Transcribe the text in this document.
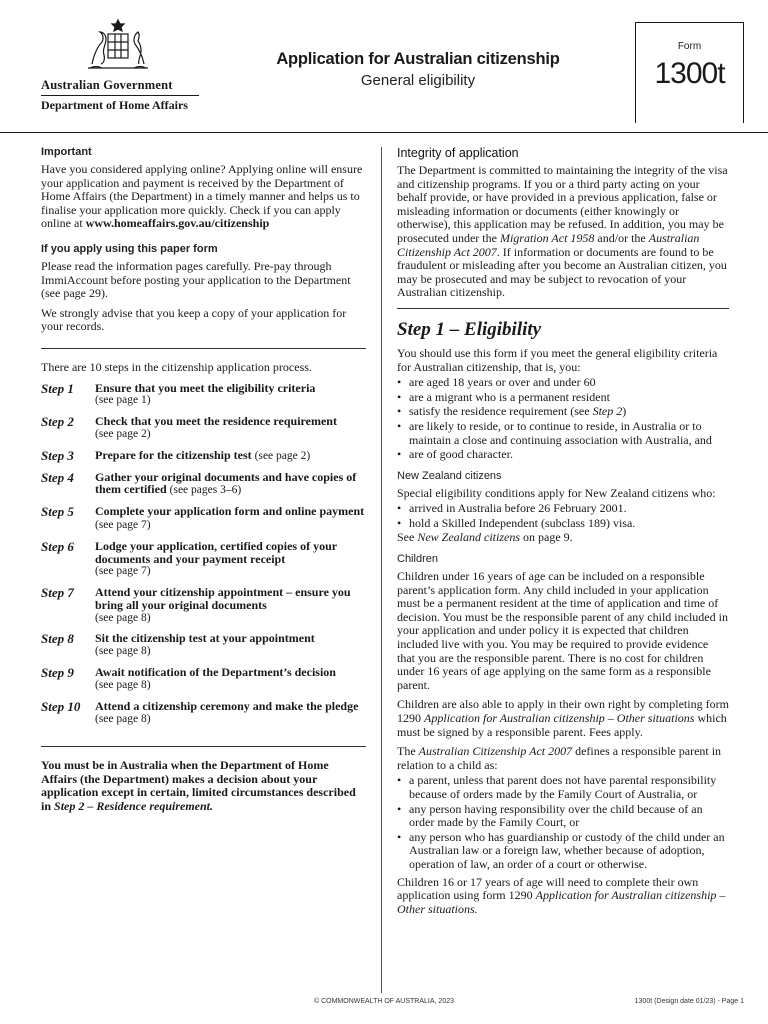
Australian Government
Department of Home Affairs
Application for Australian citizenship
General eligibility
Form
1300t
Important

Have you considered applying online? Applying online will ensure your application and payment is received by the Department of Home Affairs (the Department) in a timely manner and helps us to finalise your application more quickly. Check if you can apply online at www.homeaffairs.gov.au/citizenship

If you apply using this paper form

Please read the information pages carefully. Pre-pay through ImmiAccount before posting your application to the Department (see page 29).

We strongly advise that you keep a copy of your application for your records.

There are 10 steps in the citizenship application process.
Step 1	Ensure that you meet the eligibility criteria
(see page 1)
Step 2	Check that you meet the residence requirement
(see page 2)
Step 3	Prepare for the citizenship test (see page 2)
Step 4	Gather your original documents and have copies of them certified (see pages 3–6)
Step 5	Complete your application form and online payment (see page 7)
Step 6	Lodge your application, certified copies of your documents and your payment receipt
(see page 7)
Step 7	Attend your citizenship appointment – ensure you bring all your original documents
(see page 8)
Step 8	Sit the citizenship test at your appointment
(see page 8)
Step 9	Await notification of the Department’s decision
(see page 8)
Step 10	Attend a citizenship ceremony and make the pledge (see page 8)

You must be in Australia when the Department of Home Affairs (the Department) makes a decision about your application except in certain, limited circumstances described in Step 2 – Residence requirement.

Integrity of application

The Department is committed to maintaining the integrity of the visa and citizenship programs. If you or a third party acting on your behalf provide, or have provided in a previous application, false or misleading information or documents (either knowingly or otherwise), this application may be refused. In addition, you may be prosecuted under the Migration Act 1958 and/or the Australian Citizenship Act 2007. If information or documents are found to be fraudulent or misleading after you become an Australian citizen, you may be prosecuted and may be subject to revocation of your Australian citizenship.

Step 1 – Eligibility

You should use this form if you meet the general eligibility criteria for Australian citizenship, that is, you:

• are aged 18 years or over and under 60
• are a migrant who is a permanent resident
• satisfy the residence requirement (see Step 2)
• are likely to reside, or to continue to reside, in Australia or to maintain a close and continuing association with Australia, and
• are of good character.
New Zealand citizens

Special eligibility conditions apply for New Zealand citizens who:

• arrived in Australia before 26 February 2001.
• hold a Skilled Independent (subclass 189) visa.

See New Zealand citizens on page 9.

Children

Children under 16 years of age can be included on a responsible parent’s application form. Any child included in your application must be a permanent resident at the time of application and time of decision. You must be the responsible parent of any child included in your application and under policy it is expected that children included live with you. You may be required to provide evidence that you are the responsible parent. There is no cost for children under 16 years of age applying on the same form as a responsible parent.

Children are also able to apply in their own right by completing form 1290 Application for Australian citizenship – Other situations which must be signed by a responsible parent. Fees apply.

The Australian Citizenship Act 2007 defines a responsible parent in relation to a child as:

• a parent, unless that parent does not have parental responsibility because of orders made by the Family Court of Australia, or
• any person having responsibility over the child because of an order made by the Family Court, or
• any person who has guardianship or custody of the child under an Australian law or a foreign law, whether because of adoption, operation of law, an order of a court or otherwise.

Children 16 or 17 years of age will need to complete their own application using form 1290 Application for Australian citizenship – Other situations.

© COMMONWEALTH OF AUSTRALIA, 2023	1300t (Design date 01/23) - Page 1
